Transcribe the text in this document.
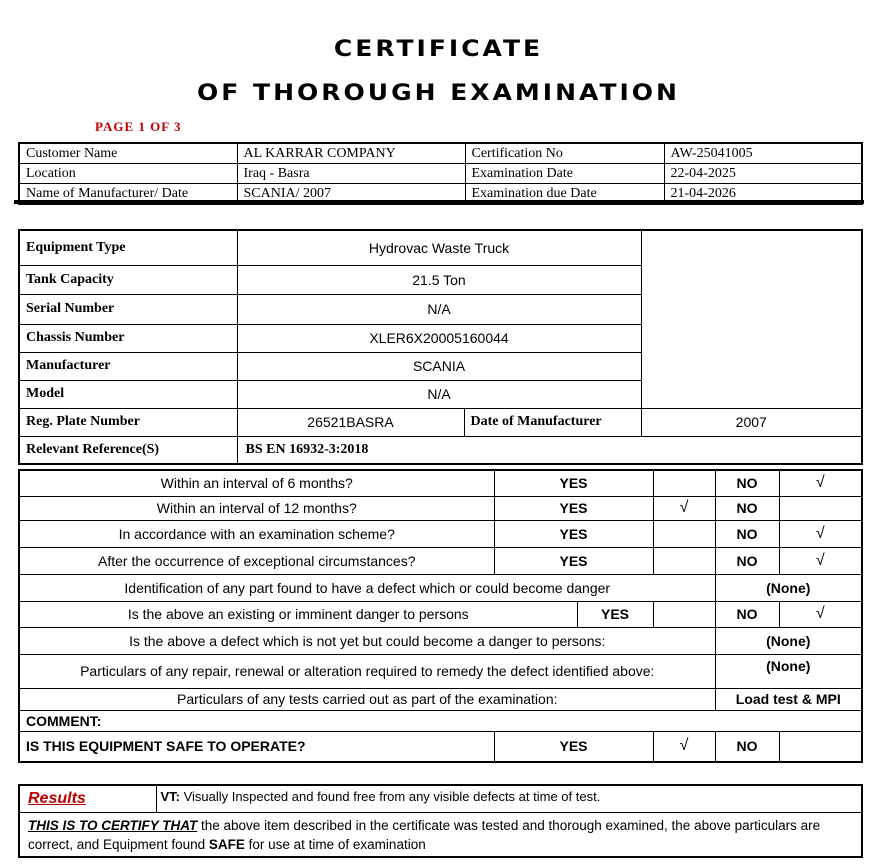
CERTIFICATE
OF THOROUGH EXAMINATION
PAGE 1 OF 3
Customer Name	AL KARRAR COMPANY	Certification No	AW-25041005
Location	Iraq - Basra	Examination Date	22-04-2025
Name of Manufacturer/ Date	SCANIA/ 2007	Examination due Date	21-04-2026
Equipment Type	Hydrovac Waste Truck		
Tank Capacity	21.5 Ton		
Serial Number	N/A		
Chassis Number	XLER6X20005160044		
Manufacturer	SCANIA		
Model	N/A		
Reg. Plate Number	26521BASRA	Date of Manufacturer	2007
Relevant Reference(S)	BS EN 16932-3:2018		
Within an interval of 6 months?	YES			NO	√
Within an interval of 12 months?	YES		√	NO	
In accordance with an examination scheme?	YES			NO	√
After the occurrence of exceptional circumstances?	YES			NO	√
Identification of any part found to have a defect which or could become danger				(None)	
Is the above an existing or imminent danger to persons		YES		NO	√
Is the above a defect which is not yet but could become a danger to persons:				(None)	
Particulars of any repair, renewal or alteration required to remedy the defect identified above:				(None)	
Particulars of any tests carried out as part of the examination:				Load test & MPI	
COMMENT:					
IS THIS EQUIPMENT SAFE TO OPERATE?	YES		√	NO	
Results	VT: Visually Inspected and found free from any visible defects at time of test.
THIS IS TO CERTIFY THAT the above item described in the certificate was tested and thorough examined, the above particulars are correct, and Equipment found SAFE for use at time of examination
